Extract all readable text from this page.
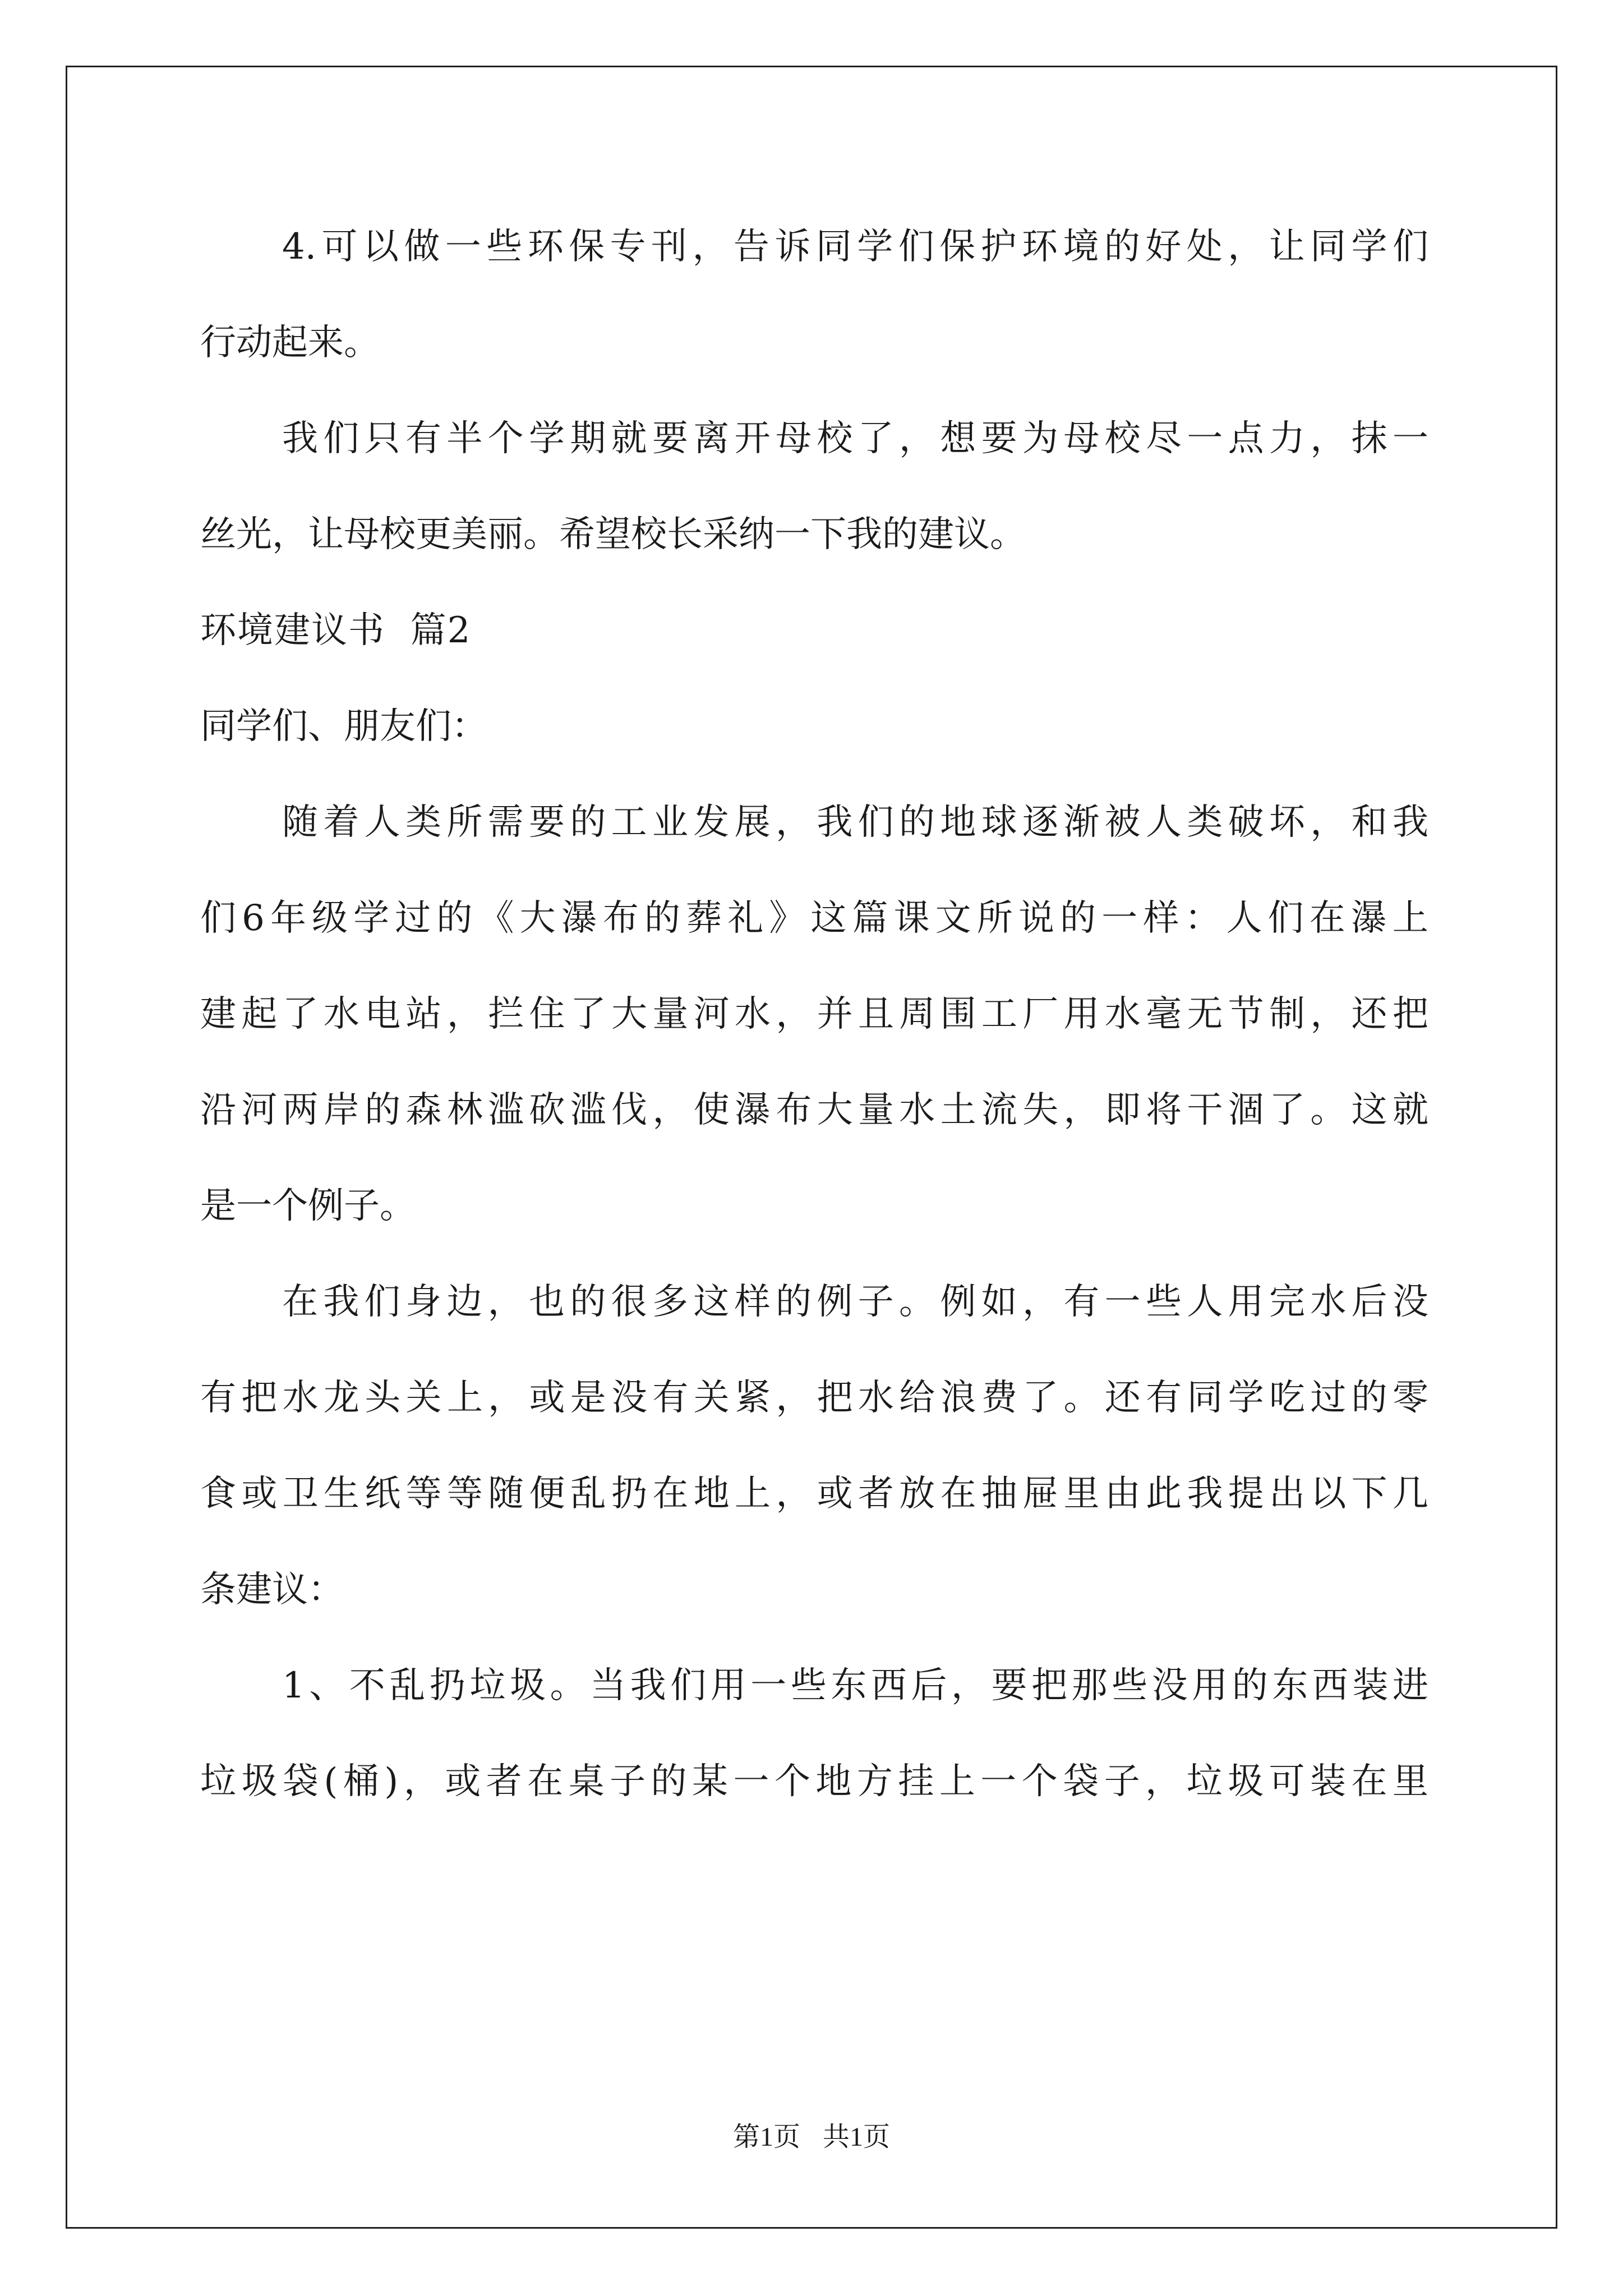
4.可以做一些环保专刊，告诉同学们保护环境的好处，让同学们
行动起来。
我们只有半个学期就要离开母校了，想要为母校尽一点力，抹一
丝光，让母校更美丽。希望校长采纳一下我的建议。
环境建议书  篇2
同学们、朋友们：
随着人类所需要的工业发展，我们的地球逐渐被人类破坏，和我
们6年级学过的《大瀑布的葬礼》这篇课文所说的一样：人们在瀑上
建起了水电站，拦住了大量河水，并且周围工厂用水毫无节制，还把
沿河两岸的森林滥砍滥伐，使瀑布大量水土流失，即将干涸了。这就
是一个例子。
在我们身边，也的很多这样的例子。例如，有一些人用完水后没
有把水龙头关上，或是没有关紧，把水给浪费了。还有同学吃过的零
食或卫生纸等等随便乱扔在地上，或者放在抽屉里由此我提出以下几
条建议：
1、不乱扔垃圾。当我们用一些东西后，要把那些没用的东西装进
垃圾袋(桶)，或者在桌子的某一个地方挂上一个袋子，垃圾可装在里
第1页 共1页
